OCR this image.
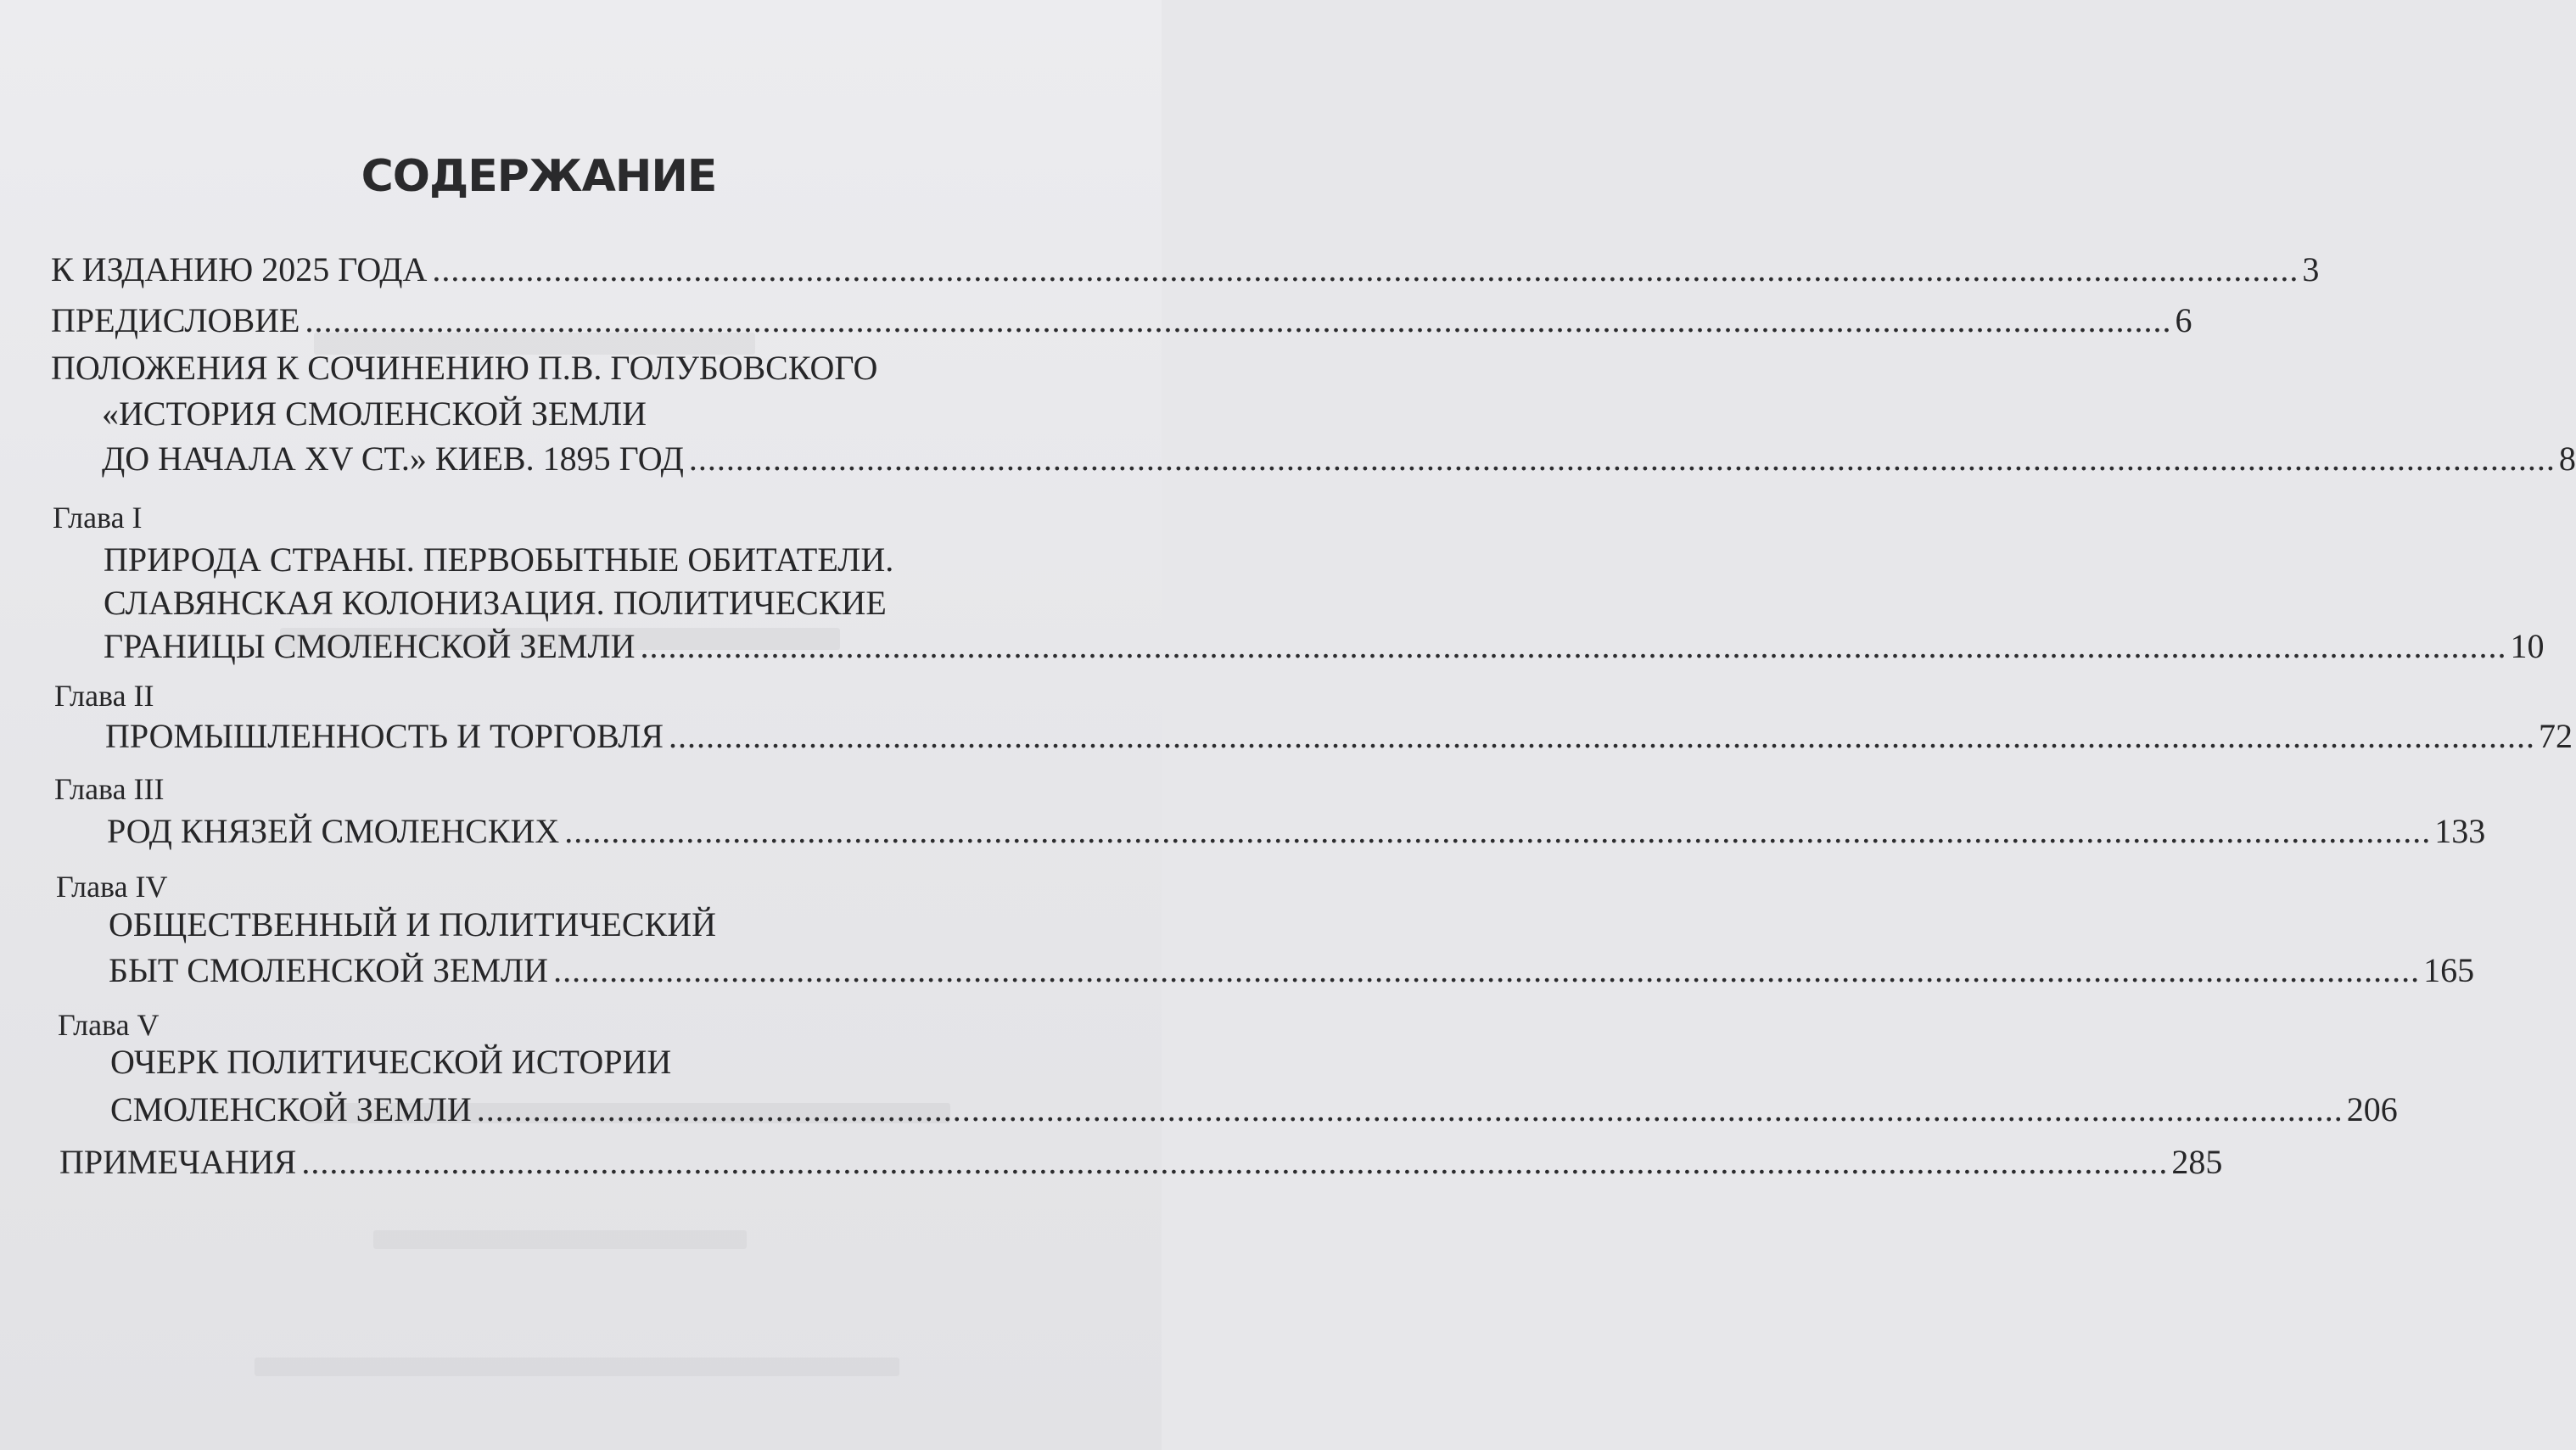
СОДЕРЖАНИЕ
К ИЗДАНИЮ 2025 ГОДА ........................................................................................................................................................................................................ 3
ПРЕДИСЛОВИЕ ........................................................................................................................................................................................................ 6
ПОЛОЖЕНИЯ К СОЧИНЕНИЮ П.В. ГОЛУБОВСКОГО
«ИСТОРИЯ СМОЛЕНСКОЙ ЗЕМЛИ
ДО НАЧАЛА XV СТ.» КИЕВ. 1895 ГОД ........................................................................................................................................................................................................ 8
Глава I
ПРИРОДА СТРАНЫ. ПЕРВОБЫТНЫЕ ОБИТАТЕЛИ.
СЛАВЯНСКАЯ КОЛОНИЗАЦИЯ. ПОЛИТИЧЕСКИЕ
ГРАНИЦЫ СМОЛЕНСКОЙ ЗЕМЛИ ........................................................................................................................................................................................................ 10
Глава II
ПРОМЫШЛЕННОСТЬ И ТОРГОВЛЯ ........................................................................................................................................................................................................ 72
Глава III
РОД КНЯЗЕЙ СМОЛЕНСКИХ ........................................................................................................................................................................................................ 133
Глава IV
ОБЩЕСТВЕННЫЙ И ПОЛИТИЧЕСКИЙ
БЫТ СМОЛЕНСКОЙ ЗЕМЛИ ........................................................................................................................................................................................................ 165
Глава V
ОЧЕРК ПОЛИТИЧЕСКОЙ ИСТОРИИ
СМОЛЕНСКОЙ ЗЕМЛИ ........................................................................................................................................................................................................ 206
ПРИМЕЧАНИЯ ........................................................................................................................................................................................................ 285
